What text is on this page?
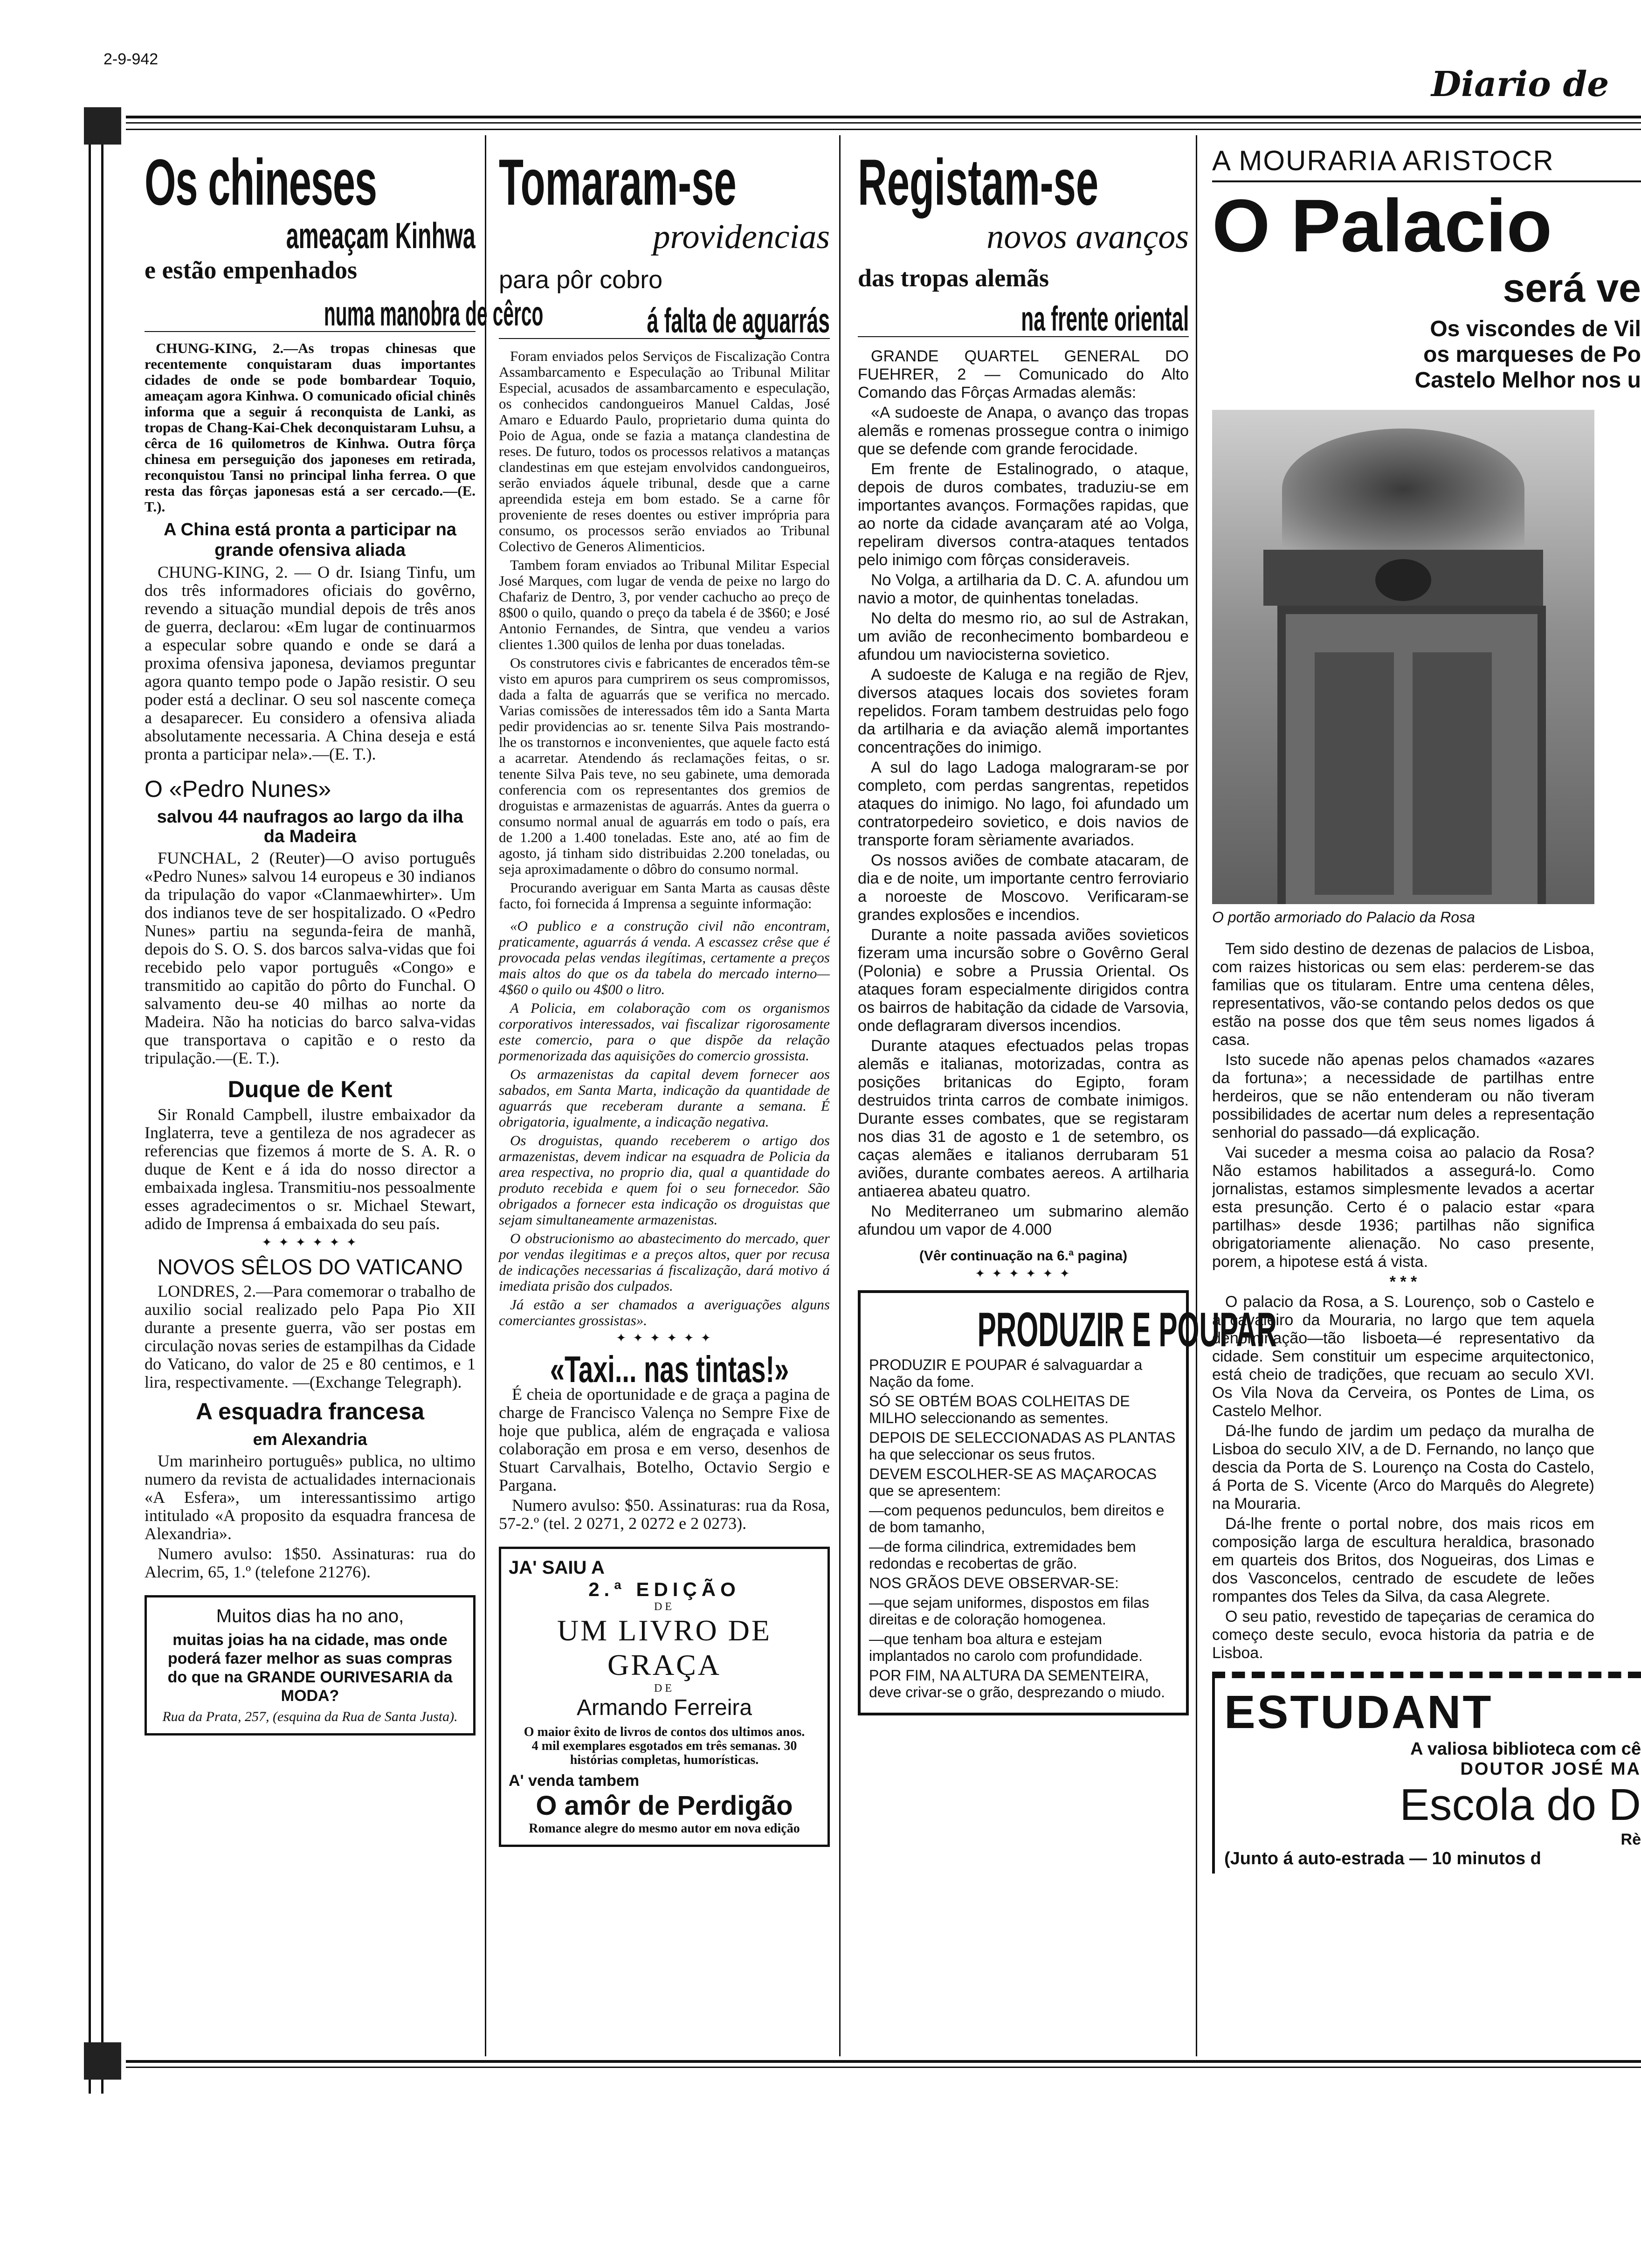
2-9-942
Diario de
Os chineses
ameaçam Kinhwa
e estão empenhados
numa manobra de cêrco

CHUNG-KING, 2.—As tropas chinesas que recentemente conquistaram duas importantes cidades de onde se pode bombardear Toquio, ameaçam agora Kinhwa. O comunicado oficial chinês informa que a seguir á reconquista de Lanki, as tropas de Chang-Kai-Chek deconquistaram Luhsu, a cêrca de 16 quilometros de Kinhwa. Outra fôrça chinesa em perseguição dos japoneses em retirada, reconquistou Tansi no principal linha ferrea. O que resta das fôrças japonesas está a ser cercado.—(E. T.).

A China está pronta a participar na grande ofensiva aliada

CHUNG-KING, 2. — O dr. Isiang Tinfu, um dos três informadores oficiais do govêrno, revendo a situação mundial depois de três anos de guerra, declarou: «Em lugar de continuarmos a especular sobre quando e onde se dará a proxima ofensiva japonesa, deviamos preguntar agora quanto tempo pode o Japão resistir. O seu poder está a declinar. O seu sol nascente começa a desaparecer. Eu considero a ofensiva aliada absolutamente necessaria. A China deseja e está pronta a participar nela».—(E. T.).

O «Pedro Nunes»
salvou 44 naufragos ao largo da ilha da Madeira

FUNCHAL, 2 (Reuter)—O aviso português «Pedro Nunes» salvou 14 europeus e 30 indianos da tripulação do vapor «Clanmaewhirter». Um dos indianos teve de ser hospitalizado. O «Pedro Nunes» partiu na segunda-feira de manhã, depois do S. O. S. dos barcos salva-vidas que foi recebido pelo vapor português «Congo» e transmitido ao capitão do pôrto do Funchal. O salvamento deu-se 40 milhas ao norte da Madeira. Não ha noticias do barco salva-vidas que transportava o capitão e o resto da tripulação.—(E. T.).

Duque de Kent

Sir Ronald Campbell, ilustre embaixador da Inglaterra, teve a gentileza de nos agradecer as referencias que fizemos á morte de S. A. R. o duque de Kent e á ida do nosso director a embaixada inglesa. Transmitiu-nos pessoalmente esses agradecimentos o sr. Michael Stewart, adido de Imprensa á embaixada do seu país.

✦ ✦ ✦ ✦ ✦ ✦
NOVOS SÊLOS DO VATICANO

LONDRES, 2.—Para comemorar o trabalho de auxilio social realizado pelo Papa Pio XII durante a presente guerra, vão ser postas em circulação novas series de estampilhas da Cidade do Vaticano, do valor de 25 e 80 centimos, e 1 lira, respectivamente. —(Exchange Telegraph).

A esquadra francesa
em Alexandria

Um marinheiro português» publica, no ultimo numero da revista de actualidades internacionais «A Esfera», um interessantissimo artigo intitulado «A proposito da esquadra francesa de Alexandria».

Numero avulso: 1$50. Assinaturas: rua do Alecrim, 65, 1.º (telefone 21276).

Muitos dias ha no ano,
muitas joias ha na cidade, mas onde poderá fazer melhor as suas compras do que na GRANDE OURIVESARIA da MODA?
Rua da Prata, 257, (esquina da Rua de Santa Justa).
Tomaram-se
providencias
para pôr cobro
á falta de aguarrás

Foram enviados pelos Serviços de Fiscalização Contra Assambarcamento e Especulação ao Tribunal Militar Especial, acusados de assambarcamento e especulação, os conhecidos candongueiros Manuel Caldas, José Amaro e Eduardo Paulo, proprietario duma quinta do Poio de Agua, onde se fazia a matança clandestina de reses. De futuro, todos os processos relativos a matanças clandestinas em que estejam envolvidos candongueiros, serão enviados áquele tribunal, desde que a carne apreendida esteja em bom estado. Se a carne fôr proveniente de reses doentes ou estiver imprópria para consumo, os processos serão enviados ao Tribunal Colectivo de Generos Alimenticios.

Tambem foram enviados ao Tribunal Militar Especial José Marques, com lugar de venda de peixe no largo do Chafariz de Dentro, 3, por vender cachucho ao preço de 8$00 o quilo, quando o preço da tabela é de 3$60; e José Antonio Fernandes, de Sintra, que vendeu a varios clientes 1.300 quilos de lenha por duas toneladas.

Os construtores civis e fabricantes de encerados têm-se visto em apuros para cumprirem os seus compromissos, dada a falta de aguarrás que se verifica no mercado. Varias comissões de interessados têm ido a Santa Marta pedir providencias ao sr. tenente Silva Pais mostrando-lhe os transtornos e inconvenientes, que aquele facto está a acarretar. Atendendo ás reclamações feitas, o sr. tenente Silva Pais teve, no seu gabinete, uma demorada conferencia com os representantes dos gremios de droguistas e armazenistas de aguarrás. Antes da guerra o consumo normal anual de aguarrás em todo o país, era de 1.200 a 1.400 toneladas. Este ano, até ao fim de agosto, já tinham sido distribuidas 2.200 toneladas, ou seja aproximadamente o dôbro do consumo normal.

Procurando averiguar em Santa Marta as causas dêste facto, foi fornecida á Imprensa a seguinte informação:

«O publico e a construção civil não encontram, praticamente, aguarrás á venda. A escassez crêse que é provocada pelas vendas ilegítimas, certamente a preços mais altos do que os da tabela do mercado interno—4$60 o quilo ou 4$00 o litro.

A Policia, em colaboração com os organismos corporativos interessados, vai fiscalizar rigorosamente este comercio, para o que dispõe da relação pormenorizada das aquisições do comercio grossista.

Os armazenistas da capital devem fornecer aos sabados, em Santa Marta, indicação da quantidade de aguarrás que receberam durante a semana. É obrigatoria, igualmente, a indicação negativa.

Os droguistas, quando receberem o artigo dos armazenistas, devem indicar na esquadra de Policia da area respectiva, no proprio dia, qual a quantidade do produto recebida e quem foi o seu fornecedor. São obrigados a fornecer esta indicação os droguistas que sejam simultaneamente armazenistas.

O obstrucionismo ao abastecimento do mercado, quer por vendas ilegitimas e a preços altos, quer por recusa de indicações necessarias á fiscalização, dará motivo á imediata prisão dos culpados.

Já estão a ser chamados a averiguações alguns comerciantes grossistas».

✦ ✦ ✦ ✦ ✦ ✦
«Taxi... nas tintas!»

É cheia de oportunidade e de graça a pagina de charge de Francisco Valença no Sempre Fixe de hoje que publica, além de engraçada e valiosa colaboração em prosa e em verso, desenhos de Stuart Carvalhais, Botelho, Octavio Sergio e Pargana.

Numero avulso: $50. Assinaturas: rua da Rosa, 57-2.º (tel. 2 0271, 2 0272 e 2 0273).

JA' SAIU A
2.ª EDIÇÃO
DE
UM LIVRO DE GRAÇA
DE
Armando Ferreira
O maior êxito de livros de contos dos ultimos anos. 4 mil exemplares esgotados em três semanas. 30 histórias completas, humorísticas.
A' venda tambem
O amôr de Perdigão
Romance alegre do mesmo autor em nova edição
Registam-se
novos avanços
das tropas alemãs
na frente oriental

GRANDE QUARTEL GENERAL DO FUEHRER, 2 — Comunicado do Alto Comando das Fôrças Armadas alemãs:

«A sudoeste de Anapa, o avanço das tropas alemãs e romenas prossegue contra o inimigo que se defende com grande ferocidade.

Em frente de Estalinogrado, o ataque, depois de duros combates, traduziu-se em importantes avanços. Formações rapidas, que ao norte da cidade avançaram até ao Volga, repeliram diversos contra-ataques tentados pelo inimigo com fôrças consideraveis.

No Volga, a artilharia da D. C. A. afundou um navio a motor, de quinhentas toneladas.

No delta do mesmo rio, ao sul de Astrakan, um avião de reconhecimento bombardeou e afundou um naviocisterna sovietico.

A sudoeste de Kaluga e na região de Rjev, diversos ataques locais dos sovietes foram repelidos. Foram tambem destruidas pelo fogo da artilharia e da aviação alemã importantes concentrações do inimigo.

A sul do lago Ladoga malograram-se por completo, com perdas sangrentas, repetidos ataques do inimigo. No lago, foi afundado um contratorpedeiro sovietico, e dois navios de transporte foram sèriamente avariados.

Os nossos aviões de combate atacaram, de dia e de noite, um importante centro ferroviario a noroeste de Moscovo. Verificaram-se grandes explosões e incendios.

Durante a noite passada aviões sovieticos fizeram uma incursão sobre o Govêrno Geral (Polonia) e sobre a Prussia Oriental. Os ataques foram especialmente dirigidos contra os bairros de habitação da cidade de Varsovia, onde deflagraram diversos incendios.

Durante ataques efectuados pelas tropas alemãs e italianas, motorizadas, contra as posições britanicas do Egipto, foram destruidos trinta carros de combate inimigos. Durante esses combates, que se registaram nos dias 31 de agosto e 1 de setembro, os caças alemães e italianos derrubaram 51 aviões, durante combates aereos. A artilharia antiaerea abateu quatro.

No Mediterraneo um submarino alemão afundou um vapor de 4.000

(Vêr continuação na 6.ª pagina)
✦ ✦ ✦ ✦ ✦ ✦
PRODUZIR E POUPAR

PRODUZIR E POUPAR é salvaguardar a Nação da fome.

SÓ SE OBTÉM BOAS COLHEITAS DE MILHO seleccionando as sementes.

DEPOIS DE SELECCIONADAS AS PLANTAS ha que seleccionar os seus frutos.

DEVEM ESCOLHER-SE AS MAÇAROCAS que se apresentem:

—com pequenos pedunculos, bem direitos e de bom tamanho,

—de forma cilindrica, extremidades bem redondas e recobertas de grão.

NOS GRÃOS DEVE OBSERVAR-SE:

—que sejam uniformes, dispostos em filas direitas e de coloração homogenea.

—que tenham boa altura e estejam implantados no carolo com profundidade.

POR FIM, NA ALTURA DA SEMENTEIRA, deve crivar-se o grão, desprezando o miudo.

A MOURARIA ARISTOCR
O Palacio
será ve
Os viscondes de Vil
os marqueses de Po
Castelo Melhor nos u
O portão armoriado do Palacio da Rosa

Tem sido destino de dezenas de palacios de Lisboa, com raizes historicas ou sem elas: perderem-se das familias que os titularam. Entre uma centena dêles, representativos, vão-se contando pelos dedos os que estão na posse dos que têm seus nomes ligados á casa.

Isto sucede não apenas pelos chamados «azares da fortuna»; a necessidade de partilhas entre herdeiros, que se não entenderam ou não tiveram possibilidades de acertar num deles a representação senhorial do passado—dá explicação.

Vai suceder a mesma coisa ao palacio da Rosa? Não estamos habilitados a assegurá-lo. Como jornalistas, estamos simplesmente levados a acertar esta presunção. Certo é o palacio estar «para partilhas» desde 1936; partilhas não significa obrigatoriamente alienação. No caso presente, porem, a hipotese está á vista.

* * *

O palacio da Rosa, a S. Lourenço, sob o Castelo e a cavaleiro da Mouraria, no largo que tem aquela denominação—tão lisboeta—é representativo da cidade. Sem constituir um especime arquitectonico, está cheio de tradições, que recuam ao seculo XVI. Os Vila Nova da Cerveira, os Pontes de Lima, os Castelo Melhor.

Dá-lhe fundo de jardim um pedaço da muralha de Lisboa do seculo XIV, a de D. Fernando, no lanço que descia da Porta de S. Lourenço na Costa do Castelo, á Porta de S. Vicente (Arco do Marquês do Alegrete) na Mouraria.

Dá-lhe frente o portal nobre, dos mais ricos em composição larga de escultura heraldica, brasonado em quarteis dos Britos, dos Nogueiras, dos Limas e dos Vasconcelos, centrado de escudete de leões rompantes dos Teles da Silva, da casa Alegrete.

O seu patio, revestido de tapeçarias de ceramica do começo deste seculo, evoca historia da patria e de Lisboa.

ESTUDANT
A valiosa biblioteca com cê
DOUTOR JOSÉ MA
Escola do D
Rè
(Junto á auto-estrada — 10 minutos d
